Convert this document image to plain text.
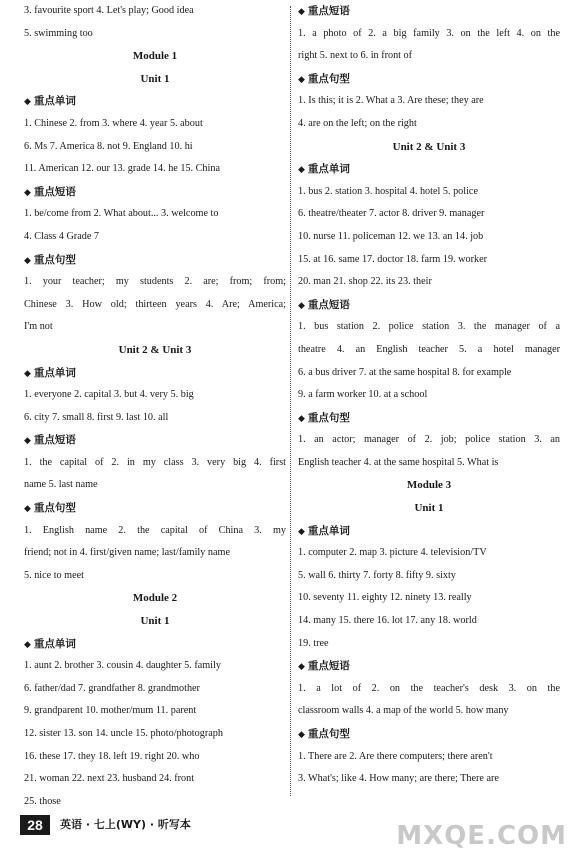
3. favourite sport 4. Let's play; Good idea
5. swimming too
Module 1
Unit 1
◆ 重点单词
1. Chinese 2. from 3. where 4. year 5. about
6. Ms 7. America 8. not 9. England 10. hi
11. American 12. our 13. grade 14. he 15. China
◆ 重点短语
1. be/come from 2. What about... 3. welcome to
4. Class 4 Grade 7
◆ 重点句型
1. your teacher; my students 2. are; from; from;
Chinese 3. How old; thirteen years 4. Are; America;
I'm not
Unit 2 & Unit 3
◆ 重点单词
1. everyone 2. capital 3. but 4. very 5. big
6. city 7. small 8. first 9. last 10. all
◆ 重点短语
1. the capital of 2. in my class 3. very big 4. first
name 5. last name
◆ 重点句型
1. English name 2. the capital of China 3. my
friend; not in 4. first/given name; last/family name
5. nice to meet
Module 2
Unit 1
◆ 重点单词
1. aunt 2. brother 3. cousin 4. daughter 5. family
6. father/dad 7. grandfather 8. grandmother
9. grandparent 10. mother/mum 11. parent
12. sister 13. son 14. uncle 15. photo/photograph
16. these 17. they 18. left 19. right 20. who
21. woman 22. next 23. husband 24. front
25. those
◆ 重点短语
1. a photo of 2. a big family 3. on the left 4. on the
right 5. next to 6. in front of
◆ 重点句型
1. Is this; it is 2. What a 3. Are these; they are
4. are on the left; on the right
Unit 2 & Unit 3
◆ 重点单词
1. bus 2. station 3. hospital 4. hotel 5. police
6. theatre/theater 7. actor 8. driver 9. manager
10. nurse 11. policeman 12. we 13. an 14. job
15. at 16. same 17. doctor 18. farm 19. worker
20. man 21. shop 22. its 23. their
◆ 重点短语
1. bus station 2. police station 3. the manager of a
theatre 4. an English teacher 5. a hotel manager
6. a bus driver 7. at the same hospital 8. for example
9. a farm worker 10. at a school
◆ 重点句型
1. an actor; manager of 2. job; police station 3. an
English teacher 4. at the same hospital 5. What is
Module 3
Unit 1
◆ 重点单词
1. computer 2. map 3. picture 4. television/TV
5. wall 6. thirty 7. forty 8. fifty 9. sixty
10. seventy 11. eighty 12. ninety 13. really
14. many 15. there 16. lot 17. any 18. world
19. tree
◆ 重点短语
1. a lot of 2. on the teacher's desk 3. on the
classroom walls 4. a map of the world 5. how many
◆ 重点句型
1. There are 2. Are there computers; there aren't
3. What's; like 4. How many; are there; There are
28	英语 · 七上(WY) · 听写本	MXQE.COM
